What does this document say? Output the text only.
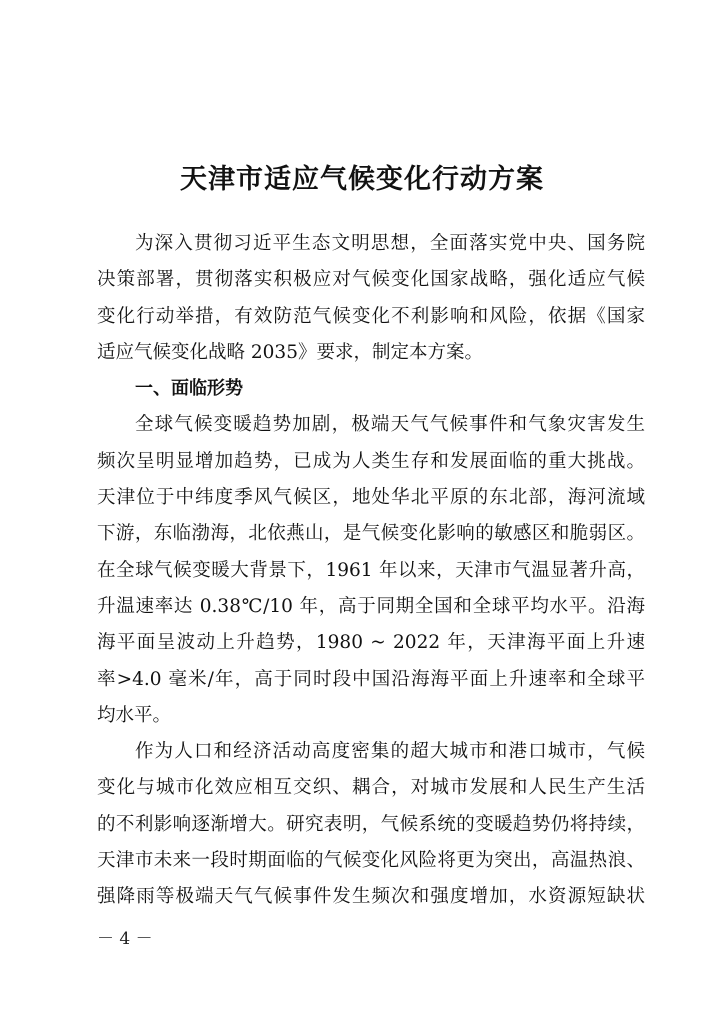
天津市适应气候变化行动方案
为深入贯彻习近平生态文明思想，全面落实党中央、国务院
决策部署，贯彻落实积极应对气候变化国家战略，强化适应气候
变化行动举措，有效防范气候变化不利影响和风险，依据《国家
适应气候变化战略 2035》要求，制定本方案。
一、面临形势
全球气候变暖趋势加剧，极端天气气候事件和气象灾害发生
频次呈明显增加趋势，已成为人类生存和发展面临的重大挑战。
天津位于中纬度季风气候区，地处华北平原的东北部，海河流域
下游，东临渤海，北依燕山，是气候变化影响的敏感区和脆弱区。
在全球气候变暖大背景下，1961 年以来，天津市气温显著升高，
升温速率达 0.38℃/10 年，高于同期全国和全球平均水平。沿海
海平面呈波动上升趋势，1980 ~ 2022 年，天津海平面上升速
率>4.0 毫米/年，高于同时段中国沿海海平面上升速率和全球平
均水平。
作为人口和经济活动高度密集的超大城市和港口城市，气候
变化与城市化效应相互交织、耦合，对城市发展和人民生产生活
的不利影响逐渐增大。研究表明，气候系统的变暖趋势仍将持续，
天津市未来一段时期面临的气候变化风险将更为突出，高温热浪、
强降雨等极端天气气候事件发生频次和强度增加，水资源短缺状
－ 4 －
